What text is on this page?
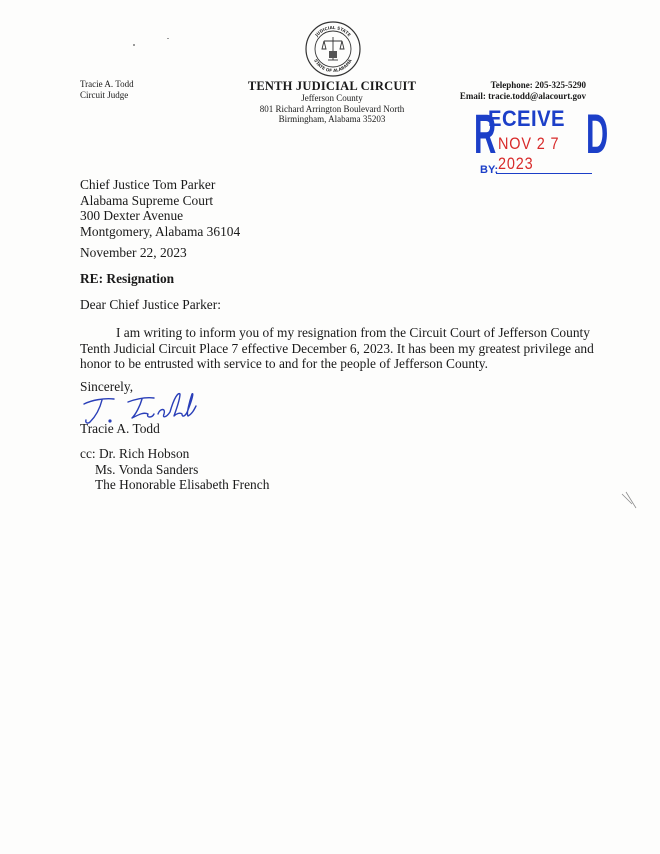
Tracie A. Todd
Circuit Judge
JUDICIAL STATE
STATE OF ALABAMA
TENTH JUDICIAL CIRCUIT
Jefferson County
801 Richard Arrington Boulevard North
Birmingham, Alabama 35203
Telephone: 205-325-5290
Email: tracie.todd@alacourt.gov
R
ECEIVE D
NOV 2 7 2023
BY:
Chief Justice Tom Parker
Alabama Supreme Court
300 Dexter Avenue
Montgomery, Alabama 36104
November 22, 2023
RE: Resignation
Dear Chief Justice Parker:
I am writing to inform you of my resignation from the Circuit Court of Jefferson County
Tenth Judicial Circuit Place 7 effective December 6, 2023. It has been my greatest privilege and
honor to be entrusted with service to and for the people of Jefferson County.
Sincerely,
Tracie A. Todd
cc: Dr. Rich Hobson
Ms. Vonda Sanders
The Honorable Elisabeth French
